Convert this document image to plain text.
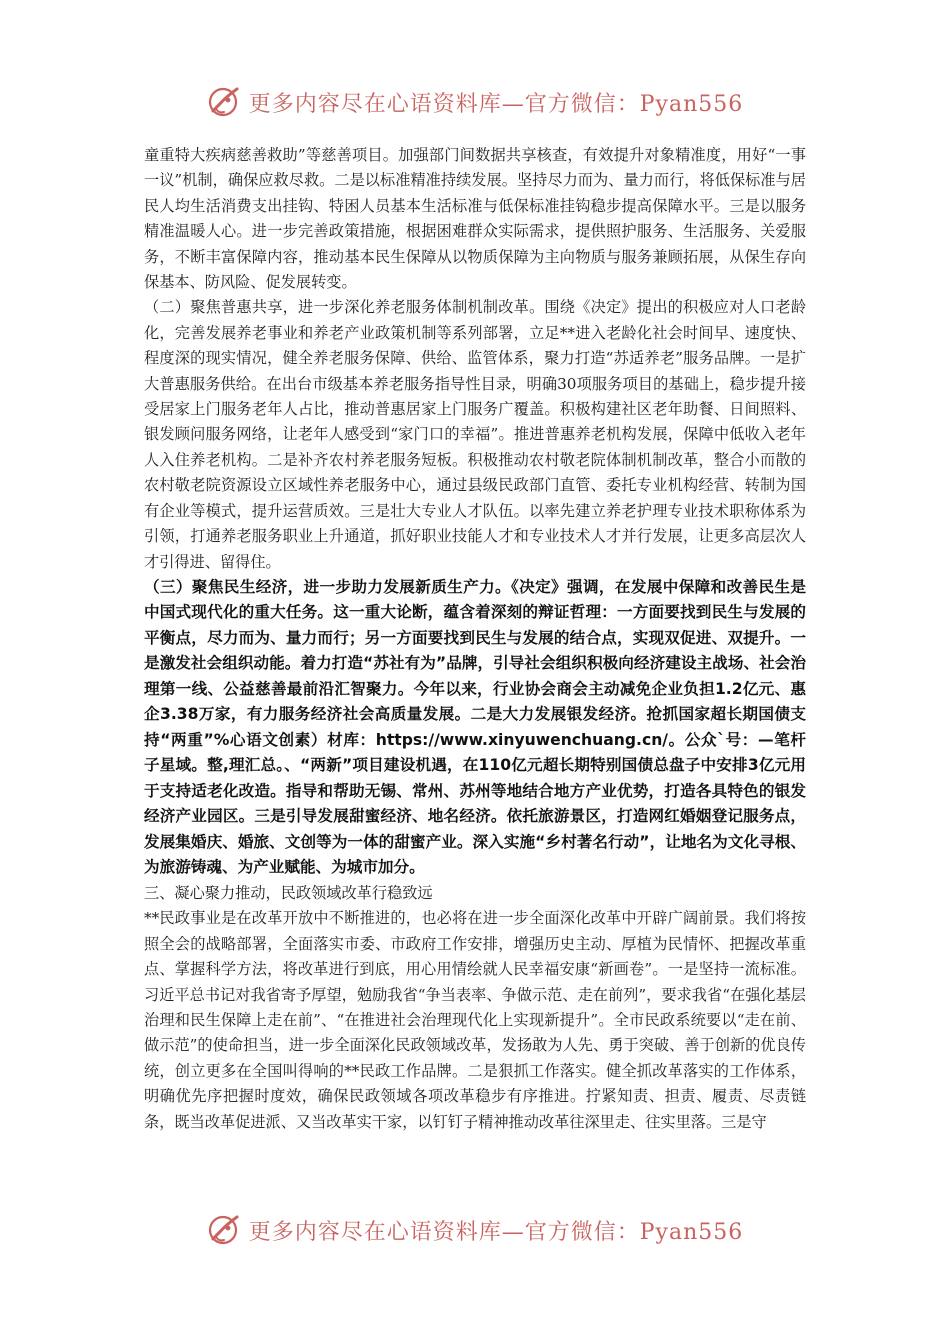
更多内容尽在心语资料库—官方微信：Pyan556

童重特大疾病慈善救助”等慈善项目。加强部门间数据共享核查，有效提升对象精准度，用好“一事一议”机制，确保应救尽救。二是以标准精准持续发展。坚持尽力而为、量力而行，将低保标准与居民人均生活消费支出挂钩、特困人员基本生活标准与低保标准挂钩稳步提高保障水平。三是以服务精准温暖人心。进一步完善政策措施，根据困难群众实际需求，提供照护服务、生活服务、关爱服务，不断丰富保障内容，推动基本民生保障从以物质保障为主向物质与服务兼顾拓展，从保生存向保基本、防风险、促发展转变。

（二）聚焦普惠共享，进一步深化养老服务体制机制改革。围绕《决定》提出的积极应对人口老龄化，完善发展养老事业和养老产业政策机制等系列部署，立足**进入老龄化社会时间早、速度快、程度深的现实情况，健全养老服务保障、供给、监管体系，聚力打造“苏适养老”服务品牌。一是扩大普惠服务供给。在出台市级基本养老服务指导性目录，明确30项服务项目的基础上，稳步提升接受居家上门服务老年人占比，推动普惠居家上门服务广覆盖。积极构建社区老年助餐、日间照料、银发顾问服务网络，让老年人感受到“家门口的幸福”。推进普惠养老机构发展，保障中低收入老年人入住养老机构。二是补齐农村养老服务短板。积极推动农村敬老院体制机制改革，整合小而散的农村敬老院资源设立区域性养老服务中心，通过县级民政部门直管、委托专业机构经营、转制为国有企业等模式，提升运营质效。三是壮大专业人才队伍。以率先建立养老护理专业技术职称体系为引领，打通养老服务职业上升通道，抓好职业技能人才和专业技术人才并行发展，让更多高层次人才引得进、留得住。

（三）聚焦民生经济，进一步助力发展新质生产力。《决定》强调，在发展中保障和改善民生是中国式现代化的重大任务。这一重大论断，蕴含着深刻的辩证哲理：一方面要找到民生与发展的平衡点，尽力而为、量力而行；另一方面要找到民生与发展的结合点，实现双促进、双提升。一是激发社会组织动能。着力打造“苏社有为”品牌，引导社会组织积极向经济建设主战场、社会治理第一线、公益慈善最前沿汇智聚力。今年以来，行业协会商会主动减免企业负担1.2亿元、惠企3.38万家，有力服务经济社会高质量发展。二是大力发展银发经济。抢抓国家超长期国债支持“两重”%心语文创素）材库：https://www.xinyuwenchuang.cn/。公众`号：—笔杆子星域。整,理汇总。、“两新”项目建设机遇，在110亿元超长期特别国债总盘子中安排3亿元用于支持适老化改造。指导和帮助无锡、常州、苏州等地结合地方产业优势，打造各具特色的银发经济产业园区。三是引导发展甜蜜经济、地名经济。依托旅游景区，打造网红婚姻登记服务点，发展集婚庆、婚旅、文创等为一体的甜蜜产业。深入实施“乡村著名行动”，让地名为文化寻根、为旅游铸魂、为产业赋能、为城市加分。

三、凝心聚力推动，民政领域改革行稳致远

**民政事业是在改革开放中不断推进的，也必将在进一步全面深化改革中开辟广阔前景。我们将按照全会的战略部署，全面落实市委、市政府工作安排，增强历史主动、厚植为民情怀、把握改革重点、掌握科学方法，将改革进行到底，用心用情绘就人民幸福安康“新画卷”。一是坚持一流标准。习近平总书记对我省寄予厚望，勉励我省“争当表率、争做示范、走在前列”，要求我省“在强化基层治理和民生保障上走在前”、“在推进社会治理现代化上实现新提升”。全市民政系统要以“走在前、做示范”的使命担当，进一步全面深化民政领域改革，发扬敢为人先、勇于突破、善于创新的优良传统，创立更多在全国叫得响的**民政工作品牌。二是狠抓工作落实。健全抓改革落实的工作体系，明确优先序把握时度效，确保民政领域各项改革稳步有序推进。拧紧知责、担责、履责、尽责链条，既当改革促进派、又当改革实干家，以钉钉子精神推动改革往深里走、往实里落。三是守

更多内容尽在心语资料库—官方微信：Pyan556
